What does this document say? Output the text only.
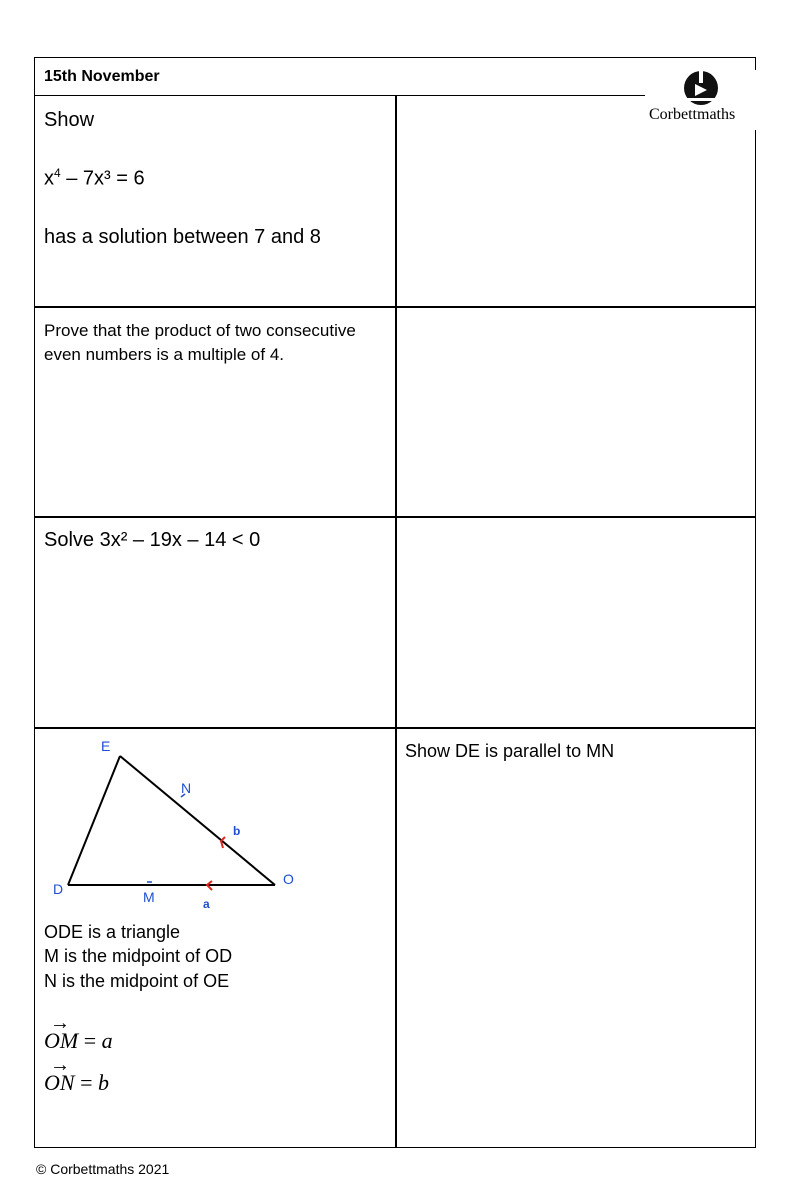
15th November
Corbettmaths
Show
$x^4 - 7x^3 = 6$
has a solution between 7 and 8
Prove that the product of two consecutive even numbers is a multiple of 4.
Solve 3x² – 19x – 14 < 0
E
D
O
N
M	a
b
ODE is a triangle
M is the midpoint of OD
N is the midpoint of OE
→
OM = a
→
ON = b
Show DE is parallel to MN
© Corbettmaths 2021
